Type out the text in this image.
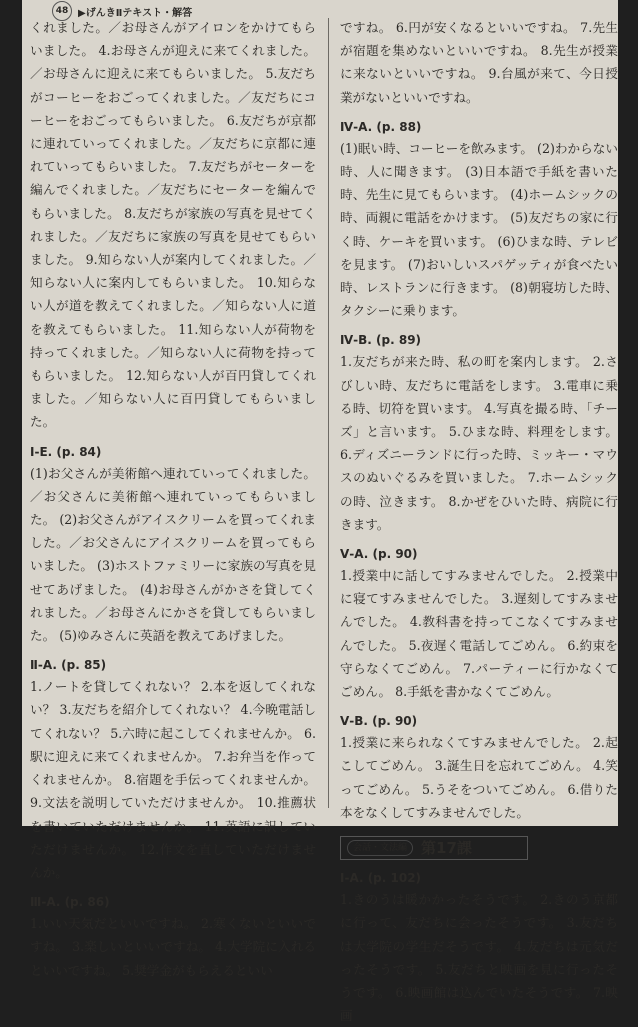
48 ▶げんきⅡテキスト・解答

くれました。／お母さんがアイロンをかけてもらいました。 4.お母さんが迎えに来てくれました。／お母さんに迎えに来てもらいました。 5.友だちがコーヒーをおごってくれました。／友だちにコーヒーをおごってもらいました。 6.友だちが京都に連れていってくれました。／友だちに京都に連れていってもらいました。 7.友だちがセーターを編んでくれました。／友だちにセーターを編んでもらいました。 8.友だちが家族の写真を見せてくれました。／友だちに家族の写真を見せてもらいました。 9.知らない人が案内してくれました。／知らない人に案内してもらいました。 10.知らない人が道を教えてくれました。／知らない人に道を教えてもらいました。 11.知らない人が荷物を持ってくれました。／知らない人に荷物を持ってもらいました。 12.知らない人が百円貸してくれました。／知らない人に百円貸してもらいました。

Ⅰ-E. (p. 84)

(1)お父さんが美術館へ連れていってくれました。／お父さんに美術館へ連れていってもらいました。 (2)お父さんがアイスクリームを買ってくれました。／お父さんにアイスクリームを買ってもらいました。 (3)ホストファミリーに家族の写真を見せてあげました。 (4)お母さんがかさを貸してくれました。／お母さんにかさを貸してもらいました。 (5)ゆみさんに英語を教えてあげました。

Ⅱ-A. (p. 85)

1.ノートを貸してくれない？ 2.本を返してくれない？ 3.友だちを紹介してくれない？ 4.今晩電話してくれない？ 5.六時に起こしてくれませんか。 6.駅に迎えに来てくれませんか。 7.お弁当を作ってくれませんか。 8.宿題を手伝ってくれませんか。 9.文法を説明していただけませんか。 10.推薦状を書いていただけませんか。 11.英語に訳していただけませんか。 12.作文を直していただけませんか。

Ⅲ-A. (p. 86)

1.いい天気だといいですね。 2.寒くないといいですね。 3.楽しいといいですね。 4.大学院に入れるといいですね。 5.奨学金がもらえるといい

ですね。 6.円が安くなるといいですね。 7.先生が宿題を集めないといいですね。 8.先生が授業に来ないといいですね。 9.台風が来て、今日授業がないといいですね。

Ⅳ-A. (p. 88)

(1)眠い時、コーヒーを飲みます。 (2)わからない時、人に聞きます。 (3)日本語で手紙を書いた時、先生に見てもらいます。 (4)ホームシックの時、両親に電話をかけます。 (5)友だちの家に行く時、ケーキを買います。 (6)ひまな時、テレビを見ます。 (7)おいしいスパゲッティが食べたい時、レストランに行きます。 (8)朝寝坊した時、タクシーに乗ります。

Ⅳ-B. (p. 89)

1.友だちが来た時、私の町を案内します。 2.さびしい時、友だちに電話をします。 3.電車に乗る時、切符を買います。 4.写真を撮る時、「チーズ」と言います。 5.ひまな時、料理をします。 6.ディズニーランドに行った時、ミッキー・マウスのぬいぐるみを買いました。 7.ホームシックの時、泣きます。 8.かぜをひいた時、病院に行きます。

Ⅴ-A. (p. 90)

1.授業中に話してすみませんでした。 2.授業中に寝てすみませんでした。 3.遅刻してすみませんでした。 4.教科書を持ってこなくてすみませんでした。 5.夜遅く電話してごめん。 6.約束を守らなくてごめん。 7.パーティーに行かなくてごめん。 8.手紙を書かなくてごめん。

Ⅴ-B. (p. 90)

1.授業に来られなくてすみませんでした。 2.起こしてごめん。 3.誕生日を忘れてごめん。 4.笑ってごめん。 5.うそをついてごめん。 6.借りた本をなくしてすみませんでした。

会話・文法編 第17課
Ⅰ-A. (p. 102)

1.きのうは暖かかったそうです。 2.きのう京都に行って、友だちに会ったそうです。 3.友だちは大学院の学生だそうです。 4.友だちは元気だったそうです。 5.友だちと映画を見に行ったそうです。 6.映画館は込んでいたそうです。 7.映画
